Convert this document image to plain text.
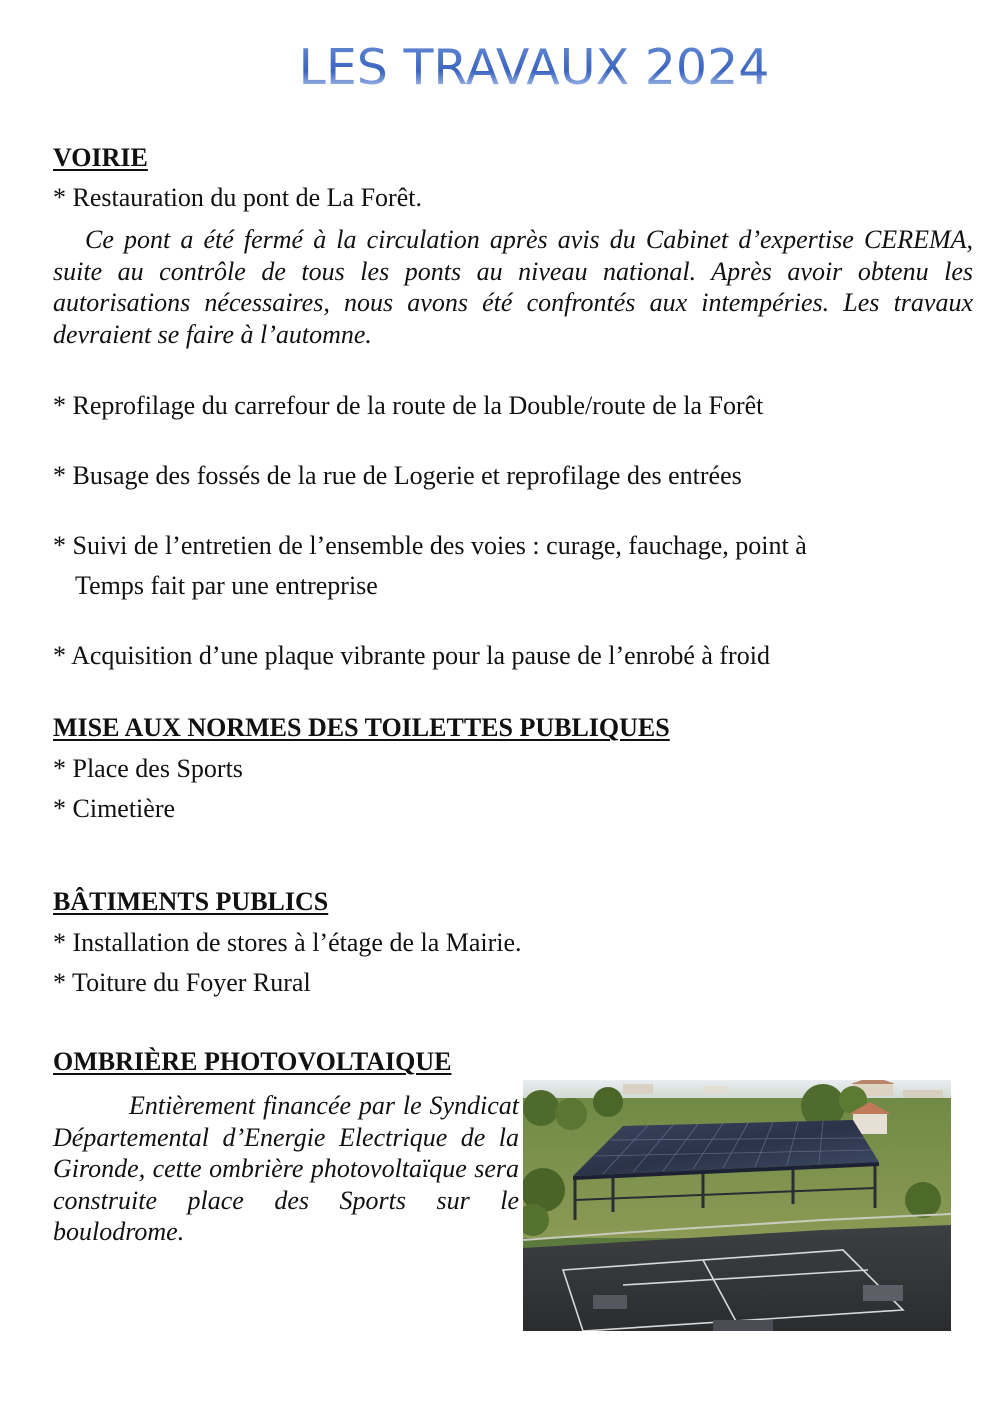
LES TRAVAUX 2024
VOIRIE
* Restauration du pont de La Forêt.
Ce pont a été fermé à la circulation après avis du Cabinet d’expertise CEREMA, suite au contrôle de tous les ponts au niveau national. Après avoir obtenu les autorisations nécessaires, nous avons été confrontés aux intempéries. Les travaux devraient se faire à l’automne.
* Reprofilage du carrefour de la route de la Double/route de la Forêt
* Busage des fossés de la rue de Logerie et reprofilage des entrées
* Suivi de l’entretien de l’ensemble des voies : curage, fauchage, point à
Temps fait par une entreprise
* Acquisition d’une plaque vibrante pour la pause de l’enrobé à froid
MISE AUX NORMES DES TOILETTES PUBLIQUES
* Place des Sports
* Cimetière
BÂTIMENTS PUBLICS
* Installation de stores à l’étage de la Mairie.
* Toiture du Foyer Rural
OMBRIÈRE PHOTOVOLTAIQUE
Entièrement financée par le Syndicat Départemental d’Energie Electrique de la Gironde, cette ombrière photovoltaïque sera construite place des Sports sur le boulodrome.
